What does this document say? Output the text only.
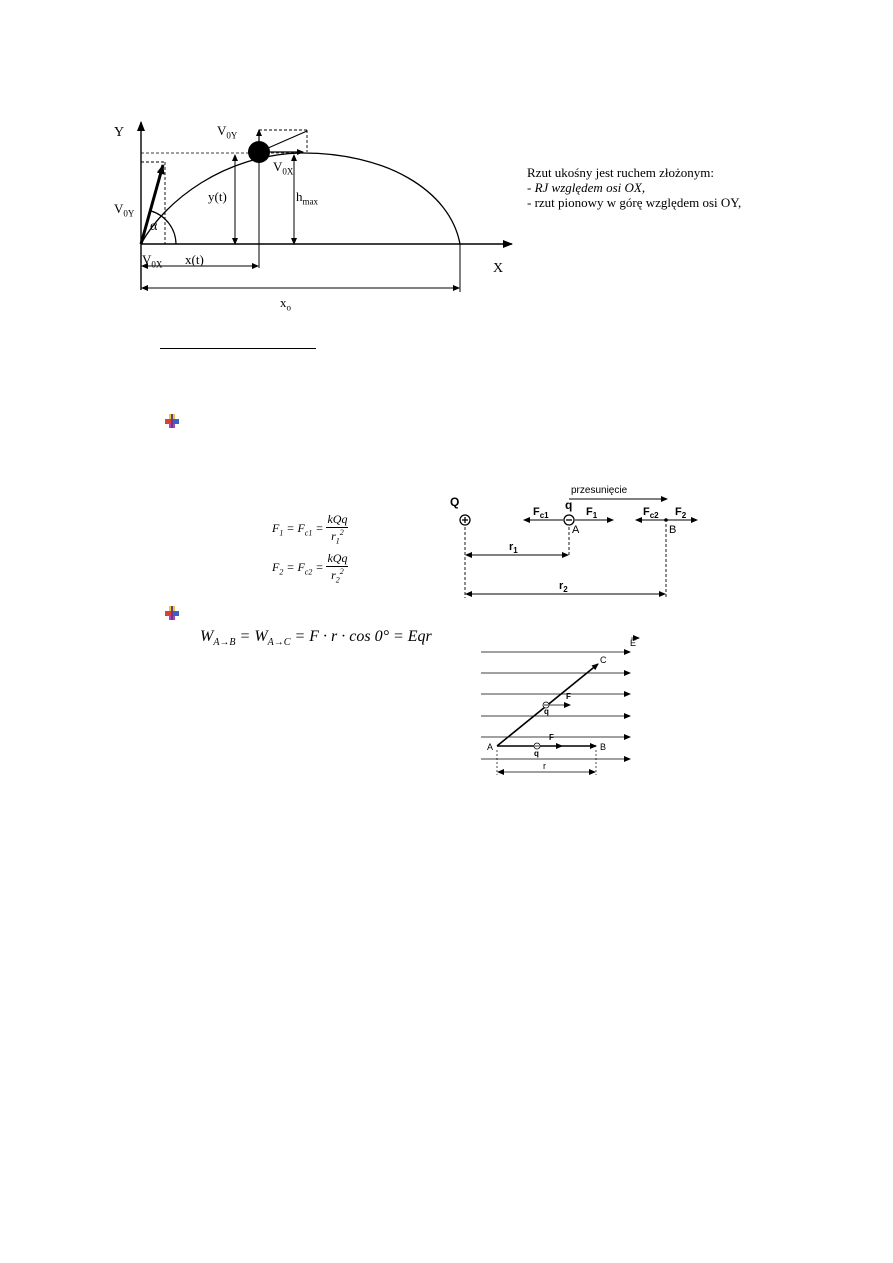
Y
X
$V_{0Y}$
$V_{0X}$
$V_{0Y}$
$V_{0X}$
α
x(t)
y(t)	$h_{max}$
$x_o$
Rzut ukośny jest ruchem złożonym:
- RJ względem osi OX,
- rzut pionowy w górę względem osi OY,
$F_1 = F_{c1}$ =
kQq
$r_1^2$
$F_2 = F_{c2}$ =
kQq
$r_2^2$
Q	q
przesunięcie
$F_{c1}$	$F_1$	$F_{c2}$ $F_2$
A	B
$r_1$
$r_2$
$W_{A\to B} = W_{A\to C} = F \cdot r \cdot \cos 0^\circ$ = Eqr	E
C
A	B
F
q
F
q
r
